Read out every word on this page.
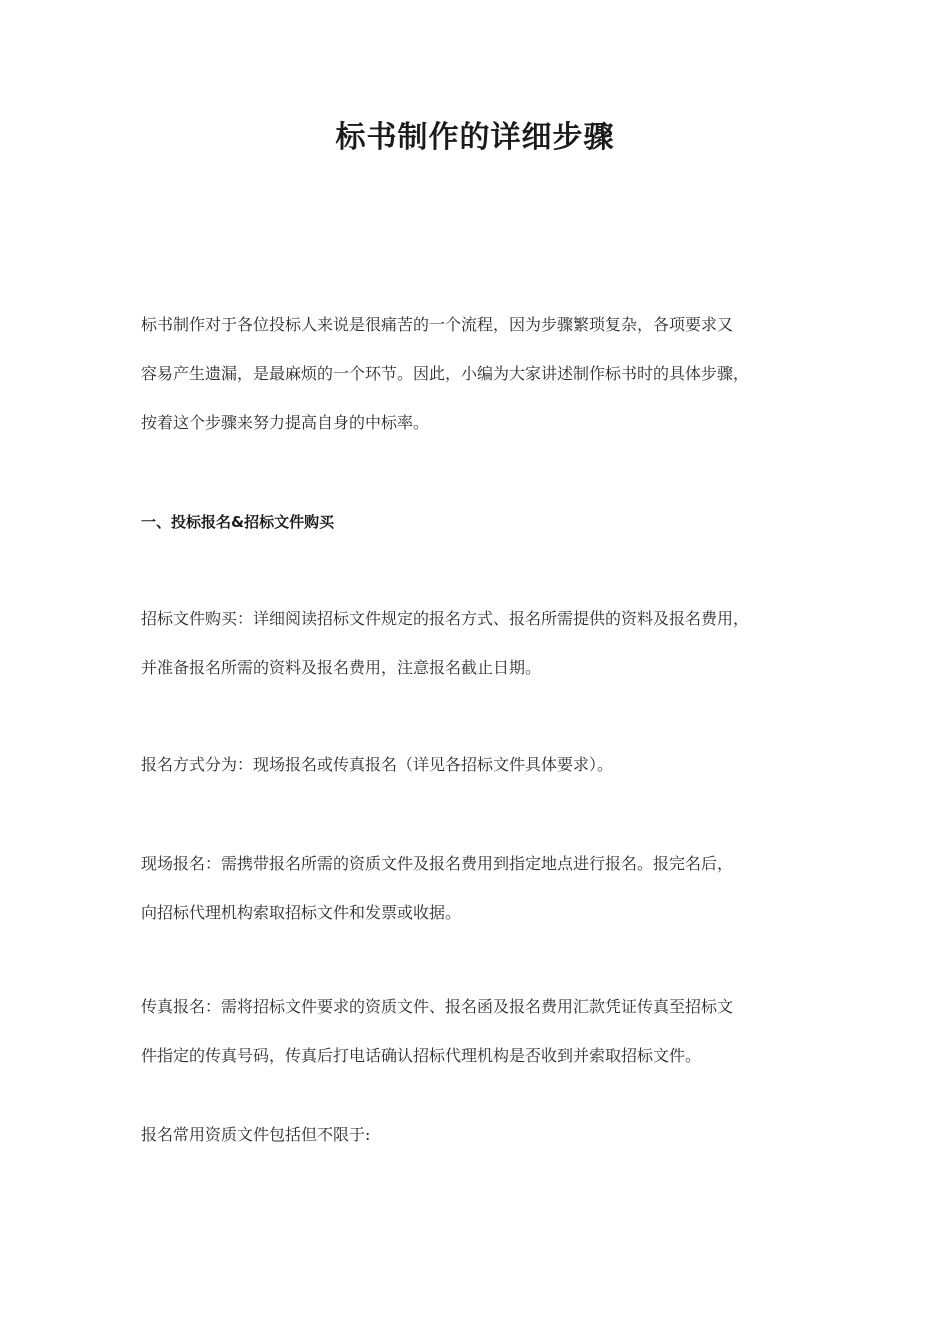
标书制作的详细步骤
标书制作对于各位投标人来说是很痛苦的一个流程，因为步骤繁琐复杂，各项要求又
容易产生遗漏，是最麻烦的一个环节。因此，小编为大家讲述制作标书时的具体步骤，
按着这个步骤来努力提高自身的中标率。
一、投标报名&招标文件购买
招标文件购买：详细阅读招标文件规定的报名方式、报名所需提供的资料及报名费用，
并准备报名所需的资料及报名费用，注意报名截止日期。
报名方式分为：现场报名或传真报名（详见各招标文件具体要求）。
现场报名：需携带报名所需的资质文件及报名费用到指定地点进行报名。报完名后，
向招标代理机构索取招标文件和发票或收据。
传真报名：需将招标文件要求的资质文件、报名函及报名费用汇款凭证传真至招标文
件指定的传真号码，传真后打电话确认招标代理机构是否收到并索取招标文件。
报名常用资质文件包括但不限于:
